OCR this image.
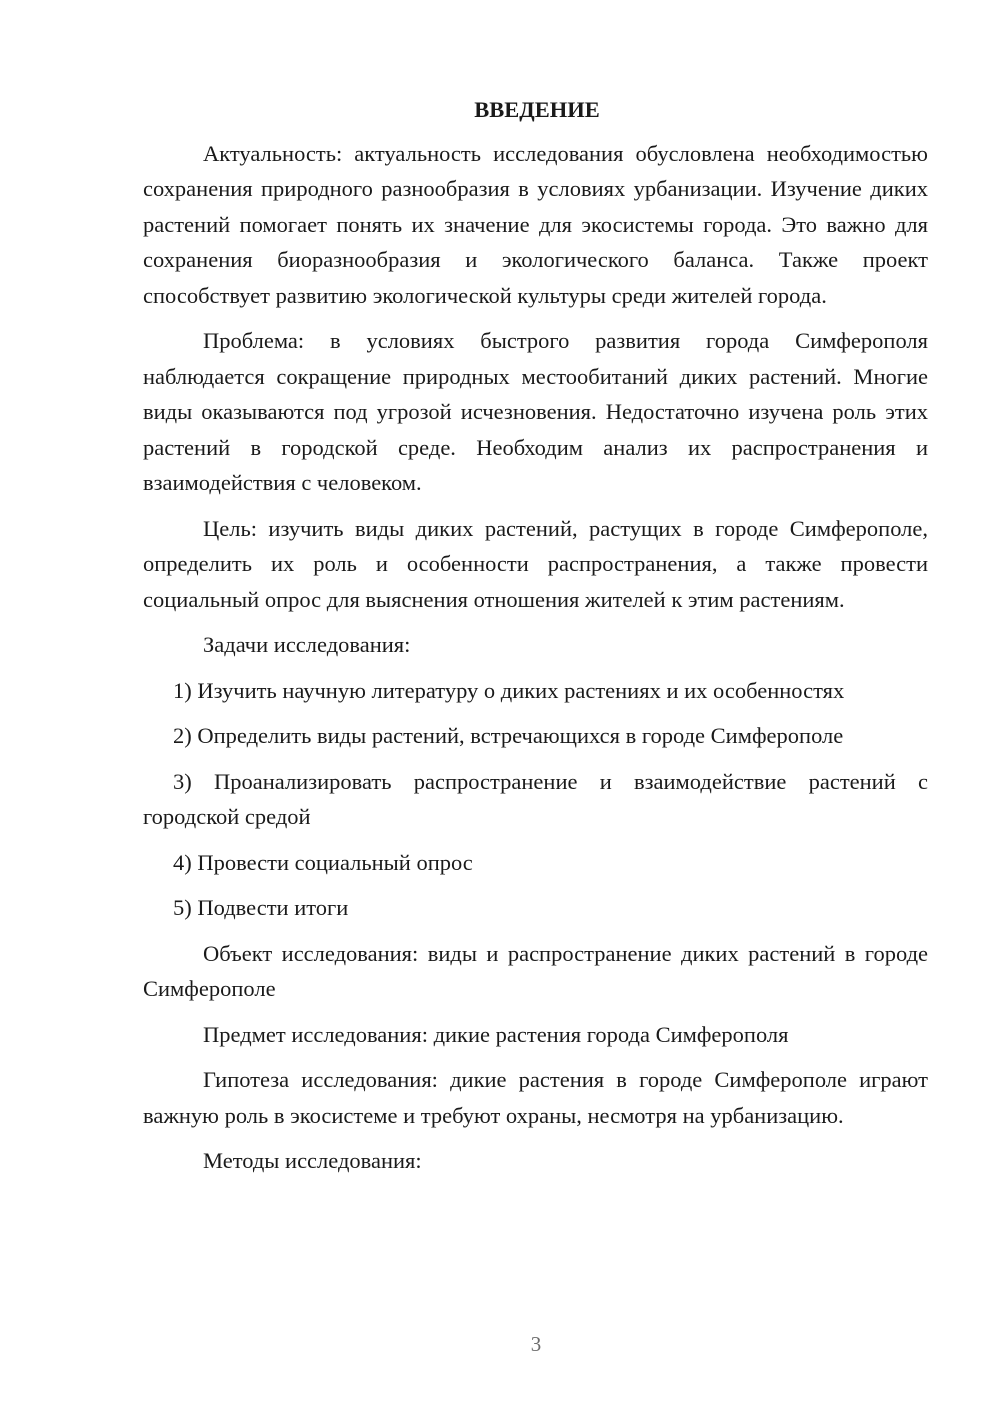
ВВЕДЕНИЕ

Актуальность: актуальность исследования обусловлена необходимостью сохранения природного разнообразия в условиях урбанизации. Изучение диких растений помогает понять их значение для экосистемы города. Это важно для сохранения биоразнообразия и экологического баланса. Также проект способствует развитию экологической культуры среди жителей города.

Проблема: в условиях быстрого развития города Симферополя наблюдается сокращение природных местообитаний диких растений. Многие виды оказываются под угрозой исчезновения. Недостаточно изучена роль этих растений в городской среде. Необходим анализ их распространения и взаимодействия с человеком.

Цель: изучить виды диких растений, растущих в городе Симферополе, определить их роль и особенности распространения, а также провести социальный опрос для выяснения отношения жителей к этим растениям.

Задачи исследования:

1) Изучить научную литературу о диких растениях и их особенностях

2) Определить виды растений, встречающихся в городе Симферополе

3) Проанализировать распространение и взаимодействие растений с городской средой

4) Провести социальный опрос

5) Подвести итоги

Объект исследования: виды и распространение диких растений в городе Симферополе

Предмет исследования: дикие растения города Симферополя

Гипотеза исследования: дикие растения в городе Симферополе играют важную роль в экосистеме и требуют охраны, несмотря на урбанизацию.

Методы исследования:

3
